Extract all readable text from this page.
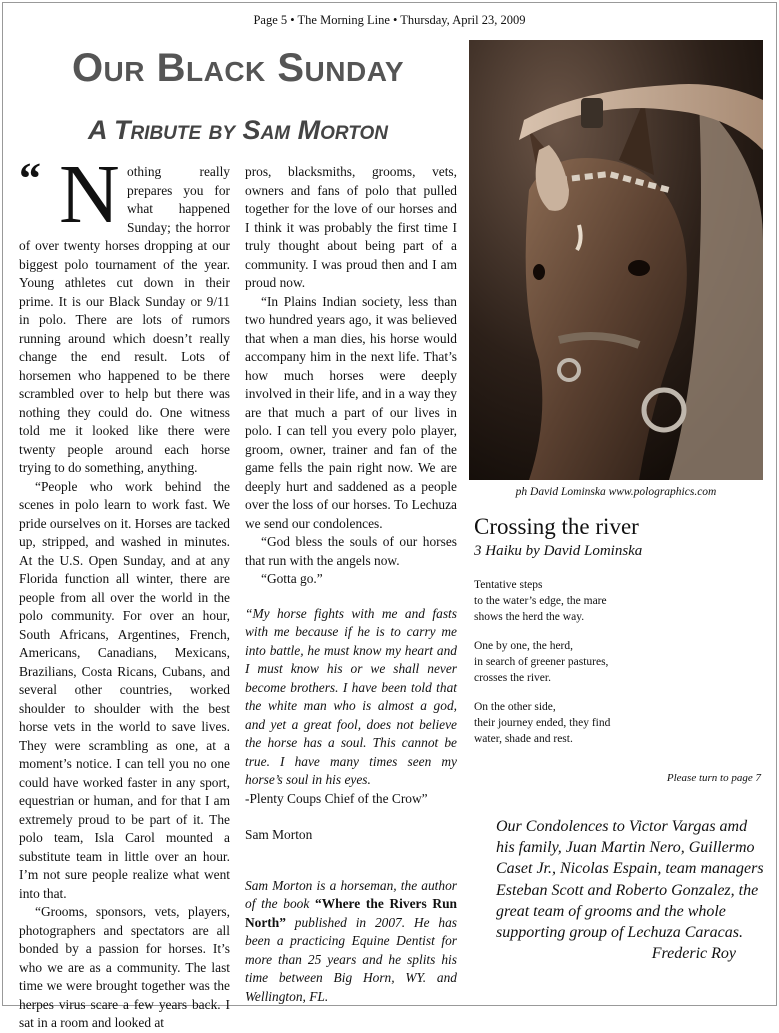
Page 5 • The Morning Line • Thursday, April 23, 2009
Our Black Sunday
A Tribute by Sam Morton

“ N othing really prepares you for what happened Sunday; the horror of over twenty horses dropping at our biggest polo tournament of the year. Young athletes cut down in their prime. It is our Black Sunday or 9/11 in polo. There are lots of rumors running around which doesn’t really change the end result. Lots of horsemen who happened to be there scrambled over to help but there was nothing they could do. One witness told me it looked like there were twenty people around each horse trying to do something, anything.

“People who work behind the scenes in polo learn to work fast. We pride ourselves on it. Horses are tacked up, stripped, and washed in minutes. At the U.S. Open Sunday, and at any Florida function all winter, there are people from all over the world in the polo community. For over an hour, South Africans, Argentines, French, Americans, Canadians, Mexicans, Brazilians, Costa Ricans, Cubans, and several other countries, worked shoulder to shoulder with the best horse vets in the world to save lives. They were scrambling as one, at a moment’s notice. I can tell you no one could have worked faster in any sport, equestrian or human, and for that I am extremely proud to be part of it. The polo team, Isla Carol mounted a substitute team in little over an hour. I’m not sure people realize what went into that.

“Grooms, sponsors, vets, players, photographers and spectators are all bonded by a passion for horses. It’s who we are as a community. The last time we were brought together was the herpes virus scare a few years back. I sat in a room and looked at

pros, blacksmiths, grooms, vets, owners and fans of polo that pulled together for the love of our horses and I think it was probably the first time I truly thought about being part of a community. I was proud then and I am proud now.

“In Plains Indian society, less than two hundred years ago, it was believed that when a man dies, his horse would accompany him in the next life. That’s how much horses were deeply involved in their life, and in a way they are that much a part of our lives in polo. I can tell you every polo player, groom, owner, trainer and fan of the game fells the pain right now. We are deeply hurt and saddened as a people over the loss of our horses. To Lechuza we send our condolences.

“God bless the souls of our horses that run with the angels now.

“Gotta go.”

“My horse fights with me and fasts with me because if he is to carry me into battle, he must know my heart and I must know his or we shall never become brothers. I have been told that the white man who is almost a god, and yet a great fool, does not believe the horse has a soul. This cannot be true. I have many times seen my horse’s soul in his eyes.
-Plenty Coups Chief of the Crow”

Sam Morton

Sam Morton is a horseman, the author of the book “Where the Rivers Run North” published in 2007. He has been a practicing Equine Dentist for more than 25 years and he splits his time between Big Horn, WY. and Wellington, FL.

ph David Lominska www.polographics.com
Crossing the river
3 Haiku by David Lominska
Tentative steps
to the water’s edge, the mare
shows the herd the way.
One by one, the herd,
in search of greener pastures,
crosses the river.
On the other side,
their journey ended, they find
water, shade and rest.
Please turn to page 7

Our Condolences to Victor Vargas amd his family, Juan Martin Nero, Guillermo Caset Jr., Nicolas Espain, team managers Esteban Scott and Roberto Gonzalez, the great team of grooms and the whole supporting group of Lechuza Caracas.

Frederic Roy
